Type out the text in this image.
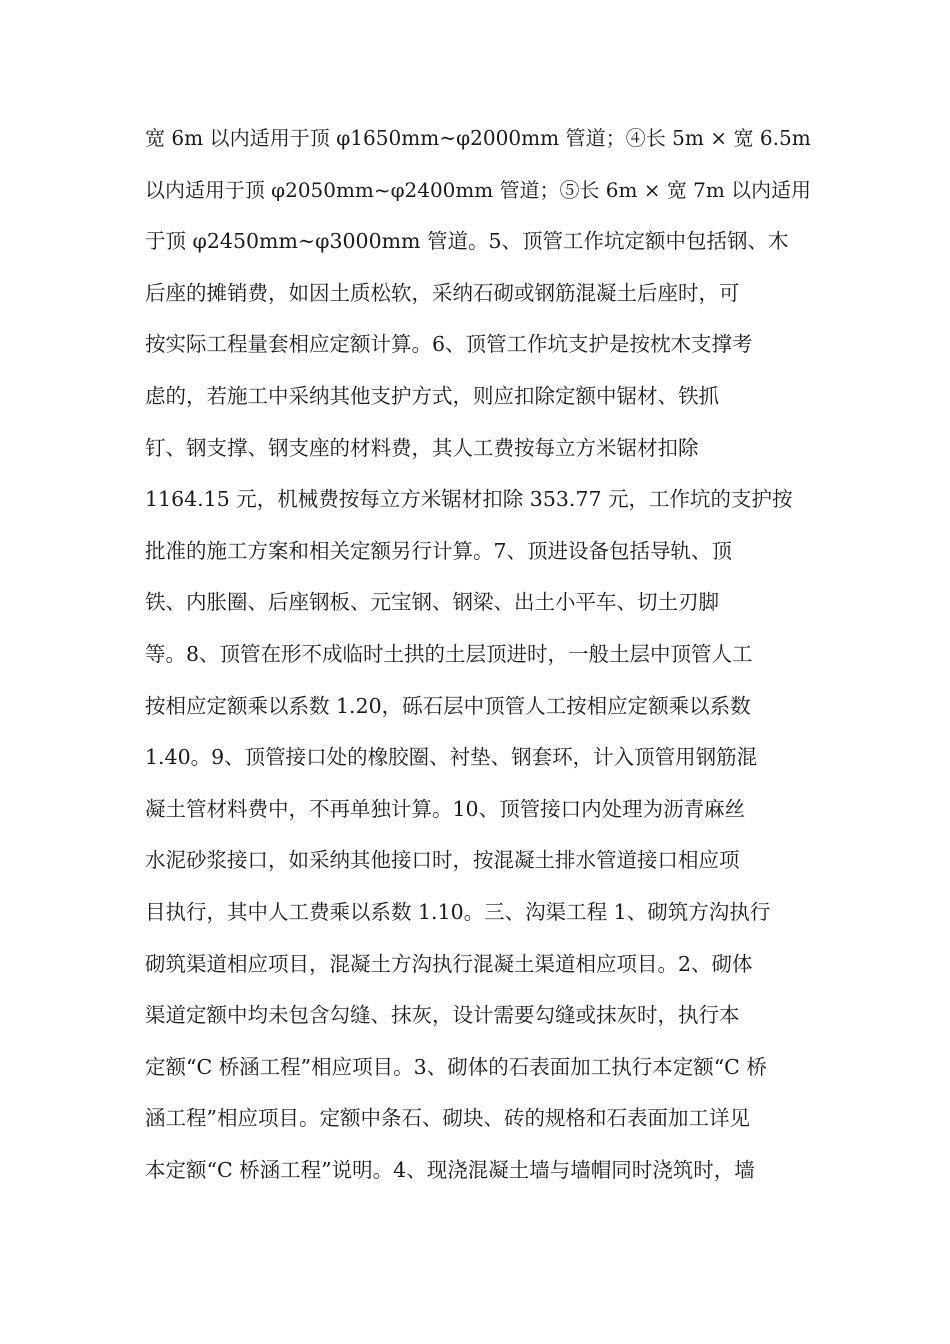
宽 6m 以内适用于顶 φ1650mm~φ2000mm 管道；④长 5m × 宽 6.5m
以内适用于顶 φ2050mm~φ2400mm 管道；⑤长 6m × 宽 7m 以内适用
于顶 φ2450mm~φ3000mm 管道。5、顶管工作坑定额中包括钢、木
后座的摊销费，如因土质松软，采纳石砌或钢筋混凝土后座时，可
按实际工程量套相应定额计算。6、顶管工作坑支护是按枕木支撑考
虑的，若施工中采纳其他支护方式，则应扣除定额中锯材、铁抓
钉、钢支撑、钢支座的材料费，其人工费按每立方米锯材扣除
1164.15 元，机械费按每立方米锯材扣除 353.77 元，工作坑的支护按
批准的施工方案和相关定额另行计算。7、顶进设备包括导轨、顶
铁、内胀圈、后座钢板、元宝钢、钢梁、出土小平车、切土刃脚
等。8、顶管在形不成临时土拱的土层顶进时，一般土层中顶管人工
按相应定额乘以系数 1.20，砾石层中顶管人工按相应定额乘以系数
1.40。9、顶管接口处的橡胶圈、衬垫、钢套环，计入顶管用钢筋混
凝土管材料费中，不再单独计算。10、顶管接口内处理为沥青麻丝
水泥砂浆接口，如采纳其他接口时，按混凝土排水管道接口相应项
目执行，其中人工费乘以系数 1.10。三、沟渠工程 1、砌筑方沟执行
砌筑渠道相应项目，混凝土方沟执行混凝土渠道相应项目。2、砌体
渠道定额中均未包含勾缝、抹灰，设计需要勾缝或抹灰时，执行本
定额“C 桥涵工程”相应项目。3、砌体的石表面加工执行本定额“C 桥
涵工程”相应项目。定额中条石、砌块、砖的规格和石表面加工详见
本定额“C 桥涵工程”说明。4、现浇混凝土墙与墙帽同时浇筑时，墙
